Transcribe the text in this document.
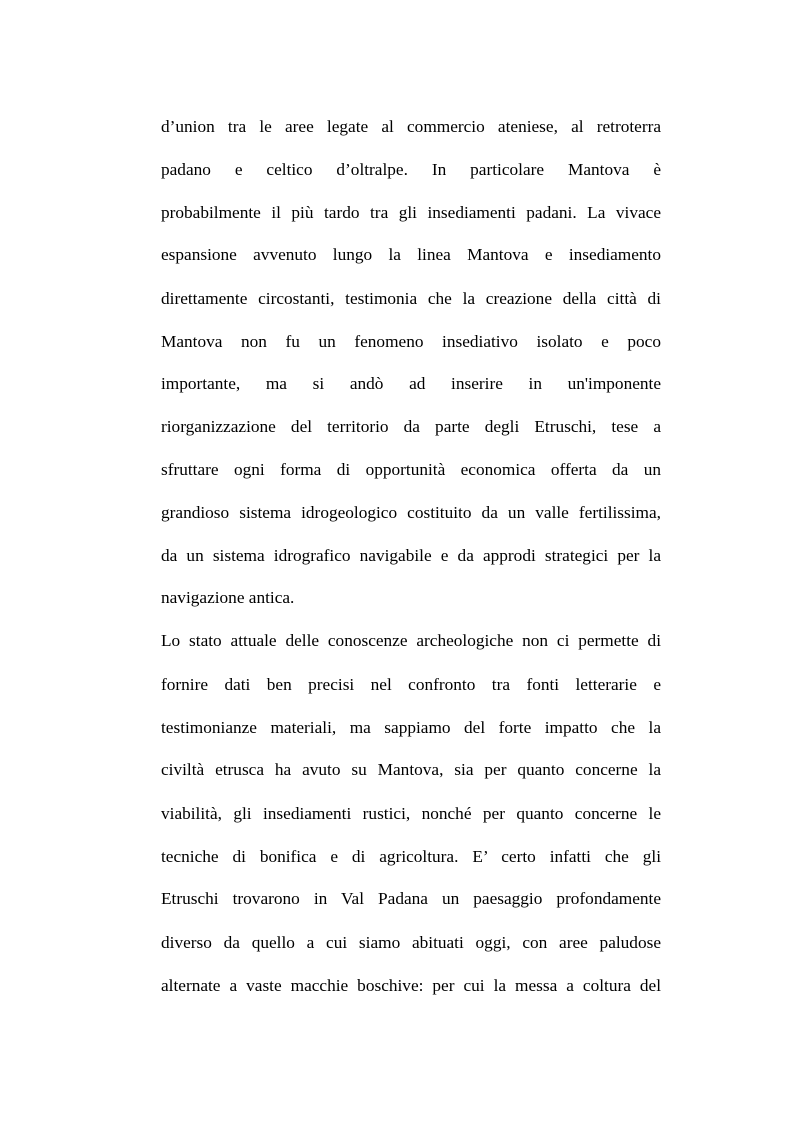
d’union tra le aree legate al commercio ateniese, al retroterra
padano e celtico d’oltralpe. In particolare Mantova è
probabilmente il più tardo tra gli insediamenti padani. La vivace
espansione avvenuto lungo la linea Mantova e insediamento
direttamente circostanti, testimonia che la creazione della città di
Mantova non fu un fenomeno insediativo isolato e poco
importante, ma si andò ad inserire in un'imponente
riorganizzazione del territorio da parte degli Etruschi, tese a
sfruttare ogni forma di opportunità economica offerta da un
grandioso sistema idrogeologico costituito da un valle fertilissima,
da un sistema idrografico navigabile e da approdi strategici per la
navigazione antica.
Lo stato attuale delle conoscenze archeologiche non ci permette di
fornire dati ben precisi nel confronto tra fonti letterarie e
testimonianze materiali, ma sappiamo del forte impatto che la
civiltà etrusca ha avuto su Mantova, sia per quanto concerne la
viabilità, gli insediamenti rustici, nonché per quanto concerne le
tecniche di bonifica e di agricoltura. E’ certo infatti che gli
Etruschi trovarono in Val Padana un paesaggio profondamente
diverso da quello a cui siamo abituati oggi, con aree paludose
alternate a vaste macchie boschive: per cui la messa a coltura del
